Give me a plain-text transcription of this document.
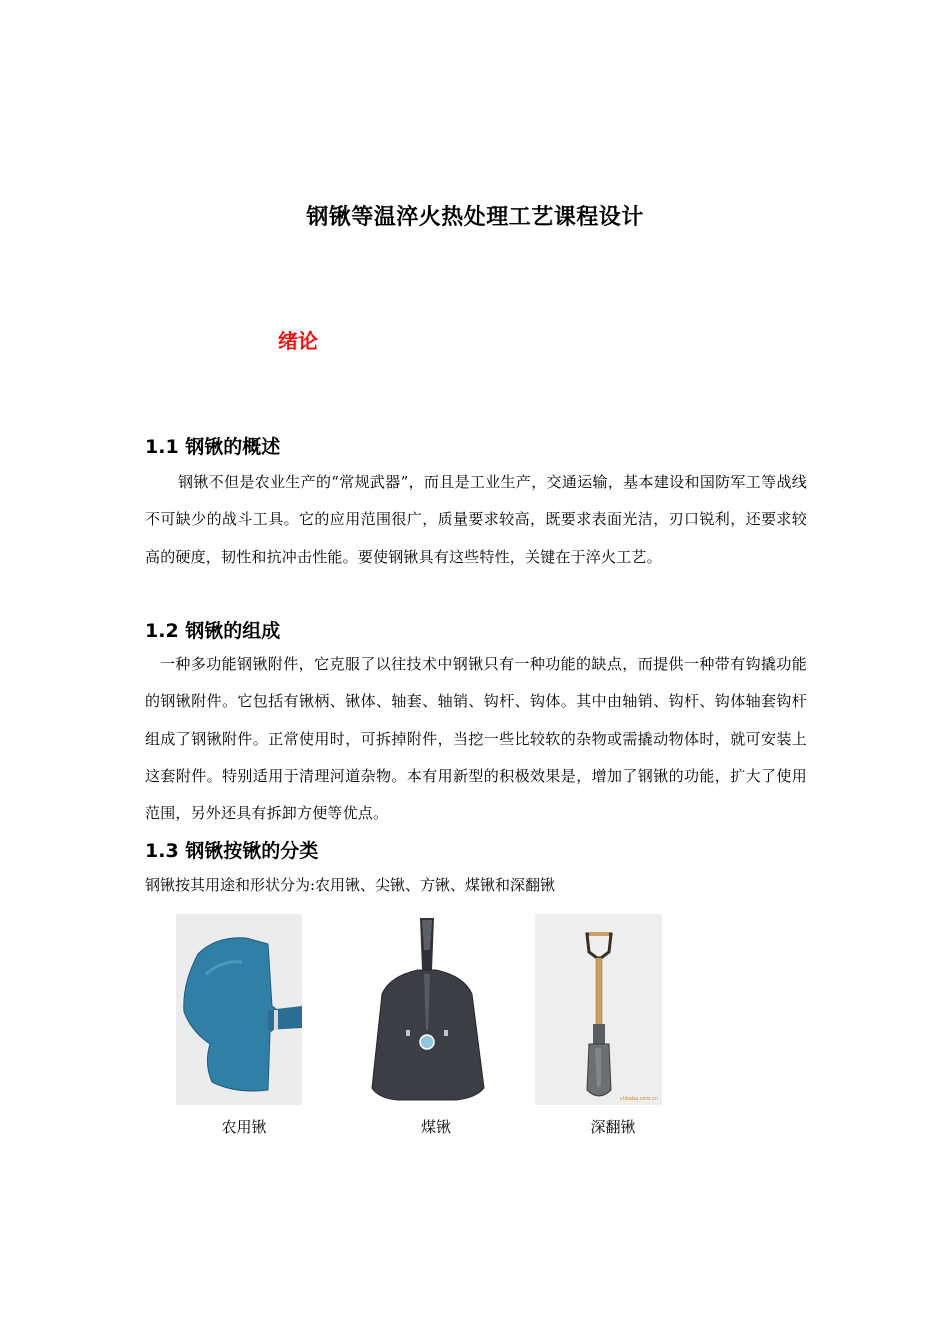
钢锹等温淬火热处理工艺课程设计
绪论
1.1 钢锹的概述
钢锹不但是农业生产的“常规武器”，而且是工业生产，交通运输，基本建设和国防军工等战线不可缺少的战斗工具。它的应用范围很广，质量要求较高，既要求表面光洁，刃口锐利，还要求较高的硬度，韧性和抗冲击性能。要使钢锹具有这些特性，关键在于淬火工艺。
1.2 钢锹的组成
一种多功能钢锹附件，它克服了以往技术中钢锹只有一种功能的缺点，而提供一种带有钩撬功能的钢锹附件。它包括有锹柄、锹体、轴套、轴销、钩杆、钩体。其中由轴销、钩杆、钩体轴套钩杆组成了钢锹附件。正常使用时，可拆掉附件，当挖一些比较软的杂物或需撬动物体时，就可安装上这套附件。特别适用于清理河道杂物。本有用新型的积极效果是，增加了钢锹的功能，扩大了使用范围，另外还具有拆卸方便等优点。
1.3 钢锹按锹的分类
钢锹按其用途和形状分为:农用锹、尖锹、方锹、煤锹和深翻锹
农用锹	煤锹
shbaba.com.cn
深翻锹
